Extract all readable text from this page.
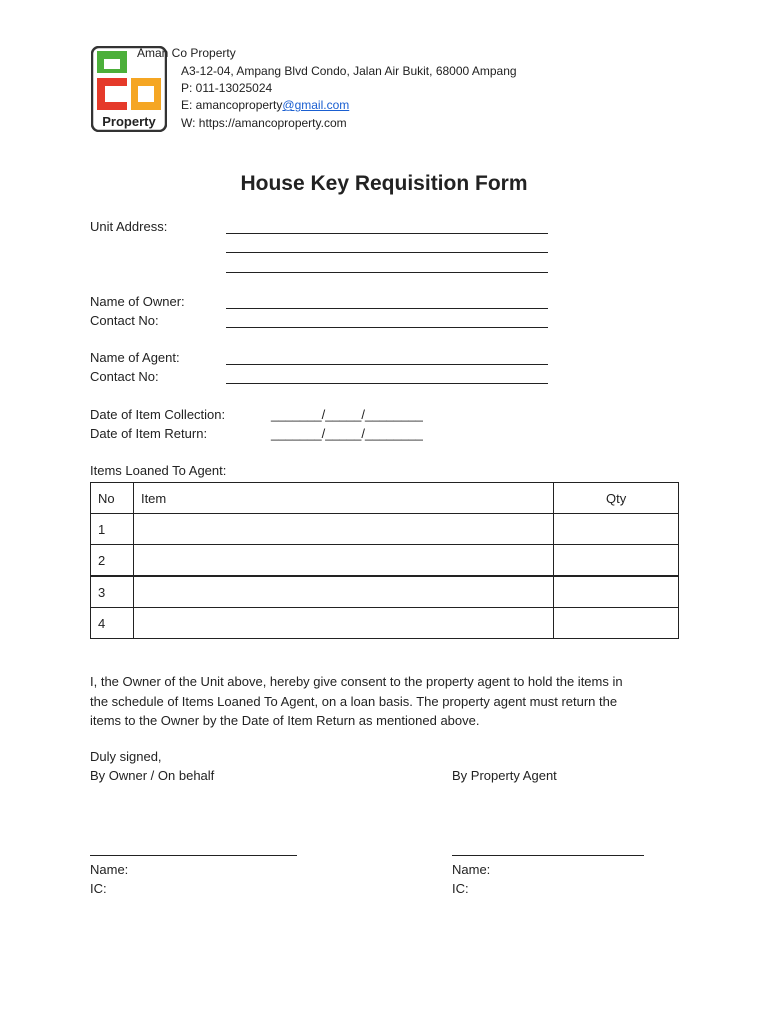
Property
Aman Co Property
A3-12-04, Ampang Blvd Condo, Jalan Air Bukit, 68000 Ampang
P: 011-13025024
E: amancoproperty@gmail.com
W: https://amancoproperty.com
House Key Requisition Form
Unit Address:
Name of Owner:
Contact No:
Name of Agent:
Contact No:
Date of Item Collection:	_______/_____/________
Date of Item Return:	_______/_____/________
Items Loaned To Agent:
No	Item	Qty
1		
2		
3		
4		
I, the Owner of the Unit above, hereby give consent to the property agent to hold the items in
the schedule of Items Loaned To Agent, on a loan basis. The property agent must return the
items to the Owner by the Date of Item Return as mentioned above.
Duly signed,
By Owner / On behalf	By Property Agent
Name:
IC:
Name:
IC:
